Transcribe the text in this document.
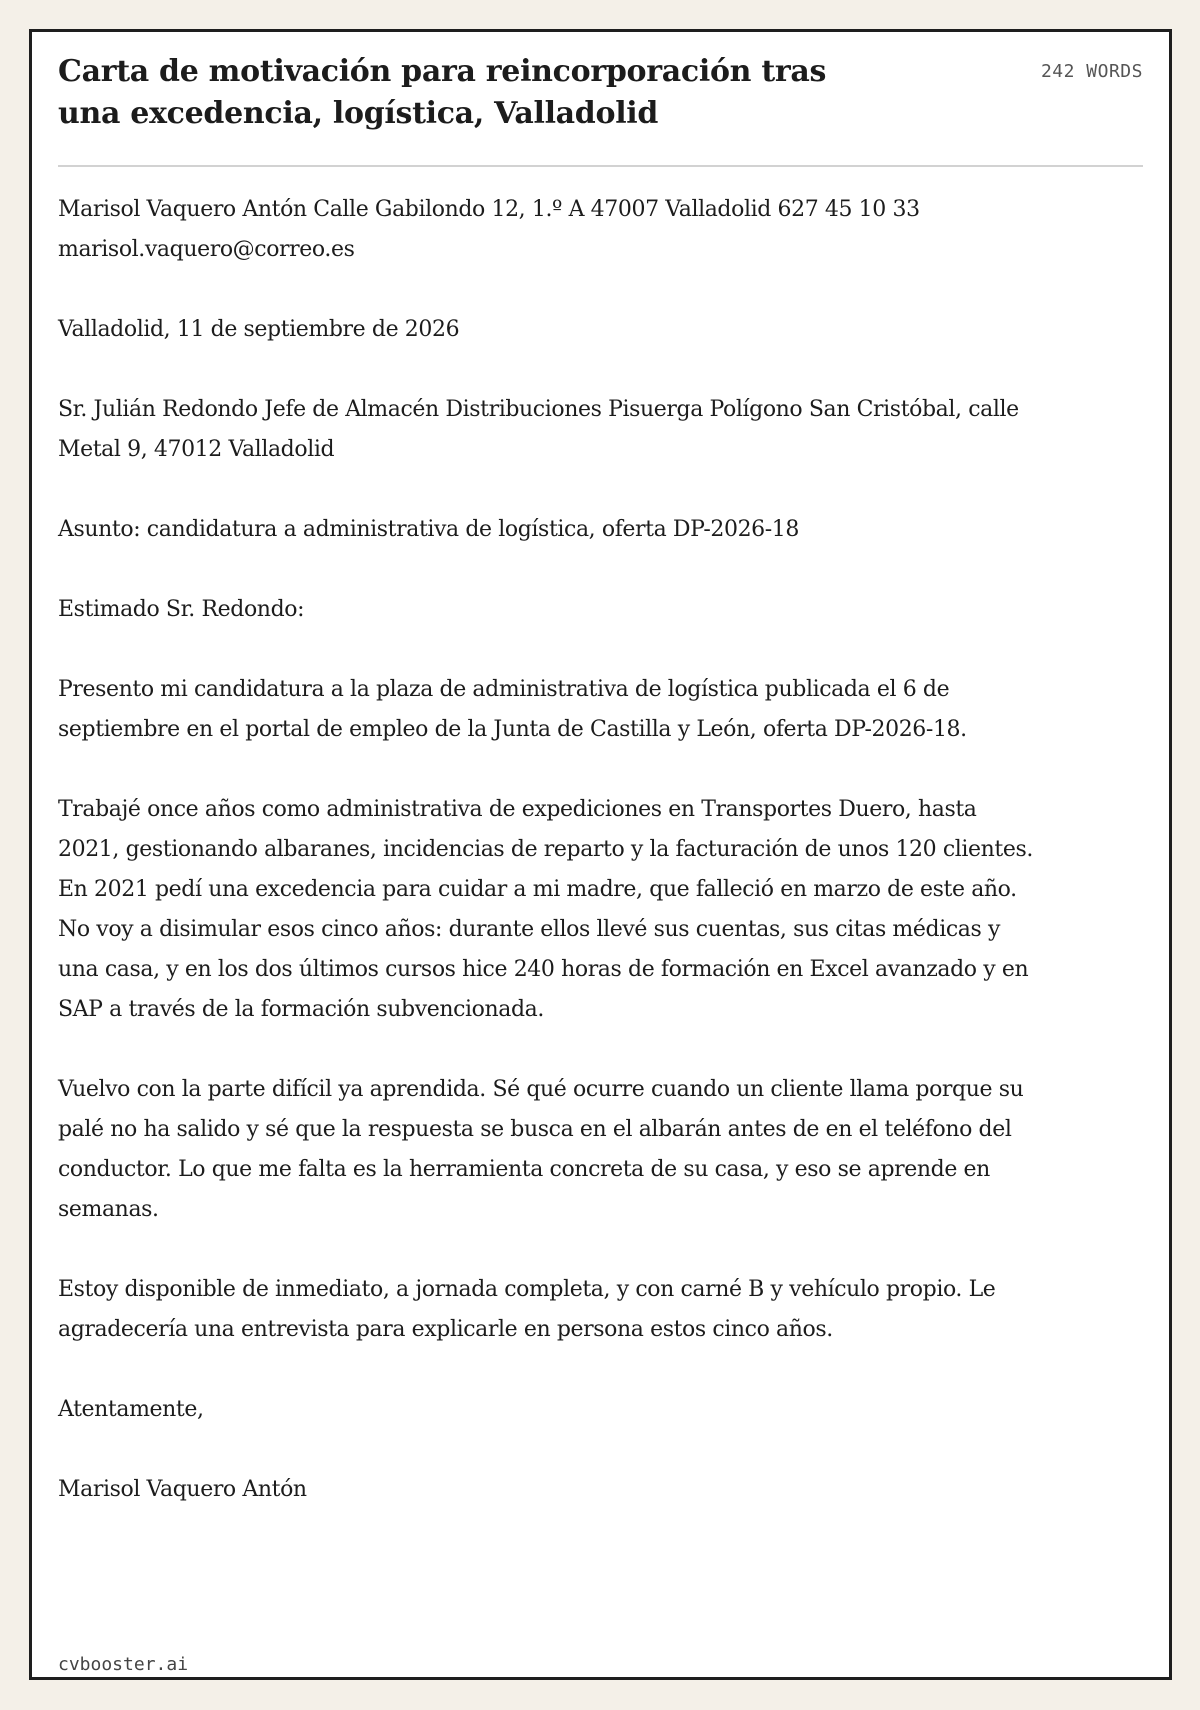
Carta de motivación para reincorporación tras una excedencia, logística, Valladolid
242 WORDS

Marisol Vaquero Antón Calle Gabilondo 12, 1.º A 47007 Valladolid 627 45 10 33 marisol.vaquero@correo.es

Valladolid, 11 de septiembre de 2026

Sr. Julián Redondo Jefe de Almacén Distribuciones Pisuerga Polígono San Cristóbal, calle Metal 9, 47012 Valladolid

Asunto: candidatura a administrativa de logística, oferta DP-2026-18

Estimado Sr. Redondo:

Presento mi candidatura a la plaza de administrativa de logística publicada el 6 de septiembre en el portal de empleo de la Junta de Castilla y León, oferta DP-2026-18.

Trabajé once años como administrativa de expediciones en Transportes Duero, hasta 2021, gestionando albaranes, incidencias de reparto y la facturación de unos 120 clientes. En 2021 pedí una excedencia para cuidar a mi madre, que falleció en marzo de este año. No voy a disimular esos cinco años: durante ellos llevé sus cuentas, sus citas médicas y una casa, y en los dos últimos cursos hice 240 horas de formación en Excel avanzado y en SAP a través de la formación subvencionada.

Vuelvo con la parte difícil ya aprendida. Sé qué ocurre cuando un cliente llama porque su palé no ha salido y sé que la respuesta se busca en el albarán antes de en el teléfono del conductor. Lo que me falta es la herramienta concreta de su casa, y eso se aprende en semanas.

Estoy disponible de inmediato, a jornada completa, y con carné B y vehículo propio. Le agradecería una entrevista para explicarle en persona estos cinco años.

Atentamente,

Marisol Vaquero Antón

cvbooster.ai
